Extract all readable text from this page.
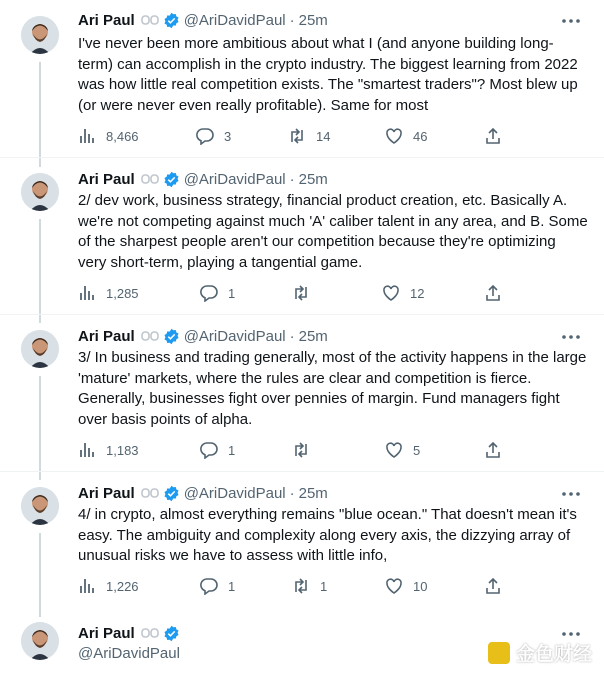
Ari Paul	@AriDavidPaul · 25m
I've never been more ambitious about what I (and anyone building long-term) can accomplish in the crypto industry. The biggest learning from 2022 was how little real competition exists. The "smartest traders"? Most blew up (or were never even really profitable). Same for most
8,466	3	14	46
Ari Paul	@AriDavidPaul · 25m
2/ dev work, business strategy, financial product creation, etc. Basically A. we're not competing against much 'A' caliber talent in any area, and B. Some of the sharpest people aren't our competition because they're optimizing very short-term, playing a tangential game.
1,285	1	12
Ari Paul	@AriDavidPaul · 25m
3/ In business and trading generally, most of the activity happens in the large 'mature' markets, where the rules are clear and competition is fierce. Generally, businesses fight over pennies of margin. Fund managers fight over basis points of alpha.
1,183	1	5
Ari Paul	@AriDavidPaul · 25m
4/ in crypto, almost everything remains "blue ocean." That doesn't mean it's easy. The ambiguity and complexity along every axis, the dizzying array of unusual risks we have to assess with little info,
1,226	1	1	10
Ari Paul
@AriDavidPaul	金色财经
